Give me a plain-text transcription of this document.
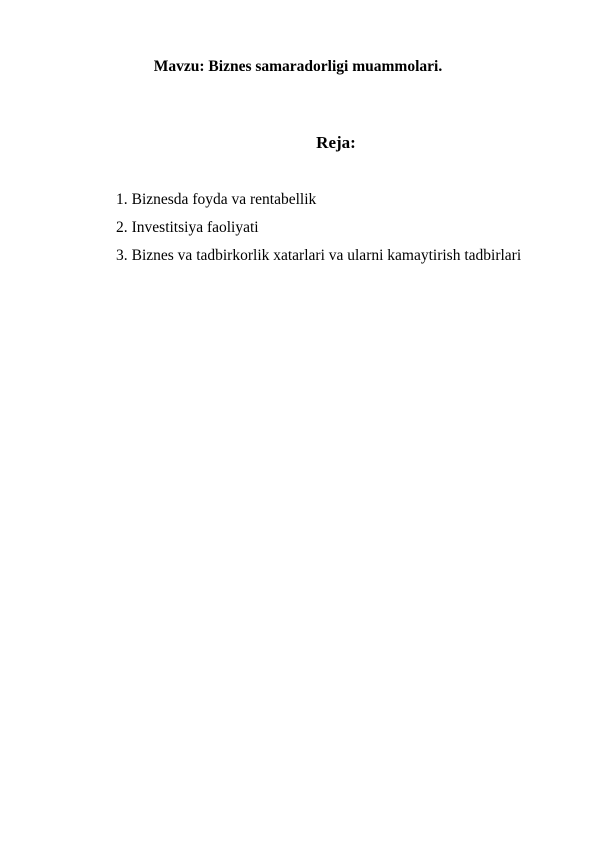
Mavzu: Biznes samaradorligi muammolari.

Reja:

1. Biznesda foyda va rentabellik
2. Investitsiya faoliyati
3. Biznes va tadbirkorlik xatarlari va ularni kamaytirish tadbirlari
